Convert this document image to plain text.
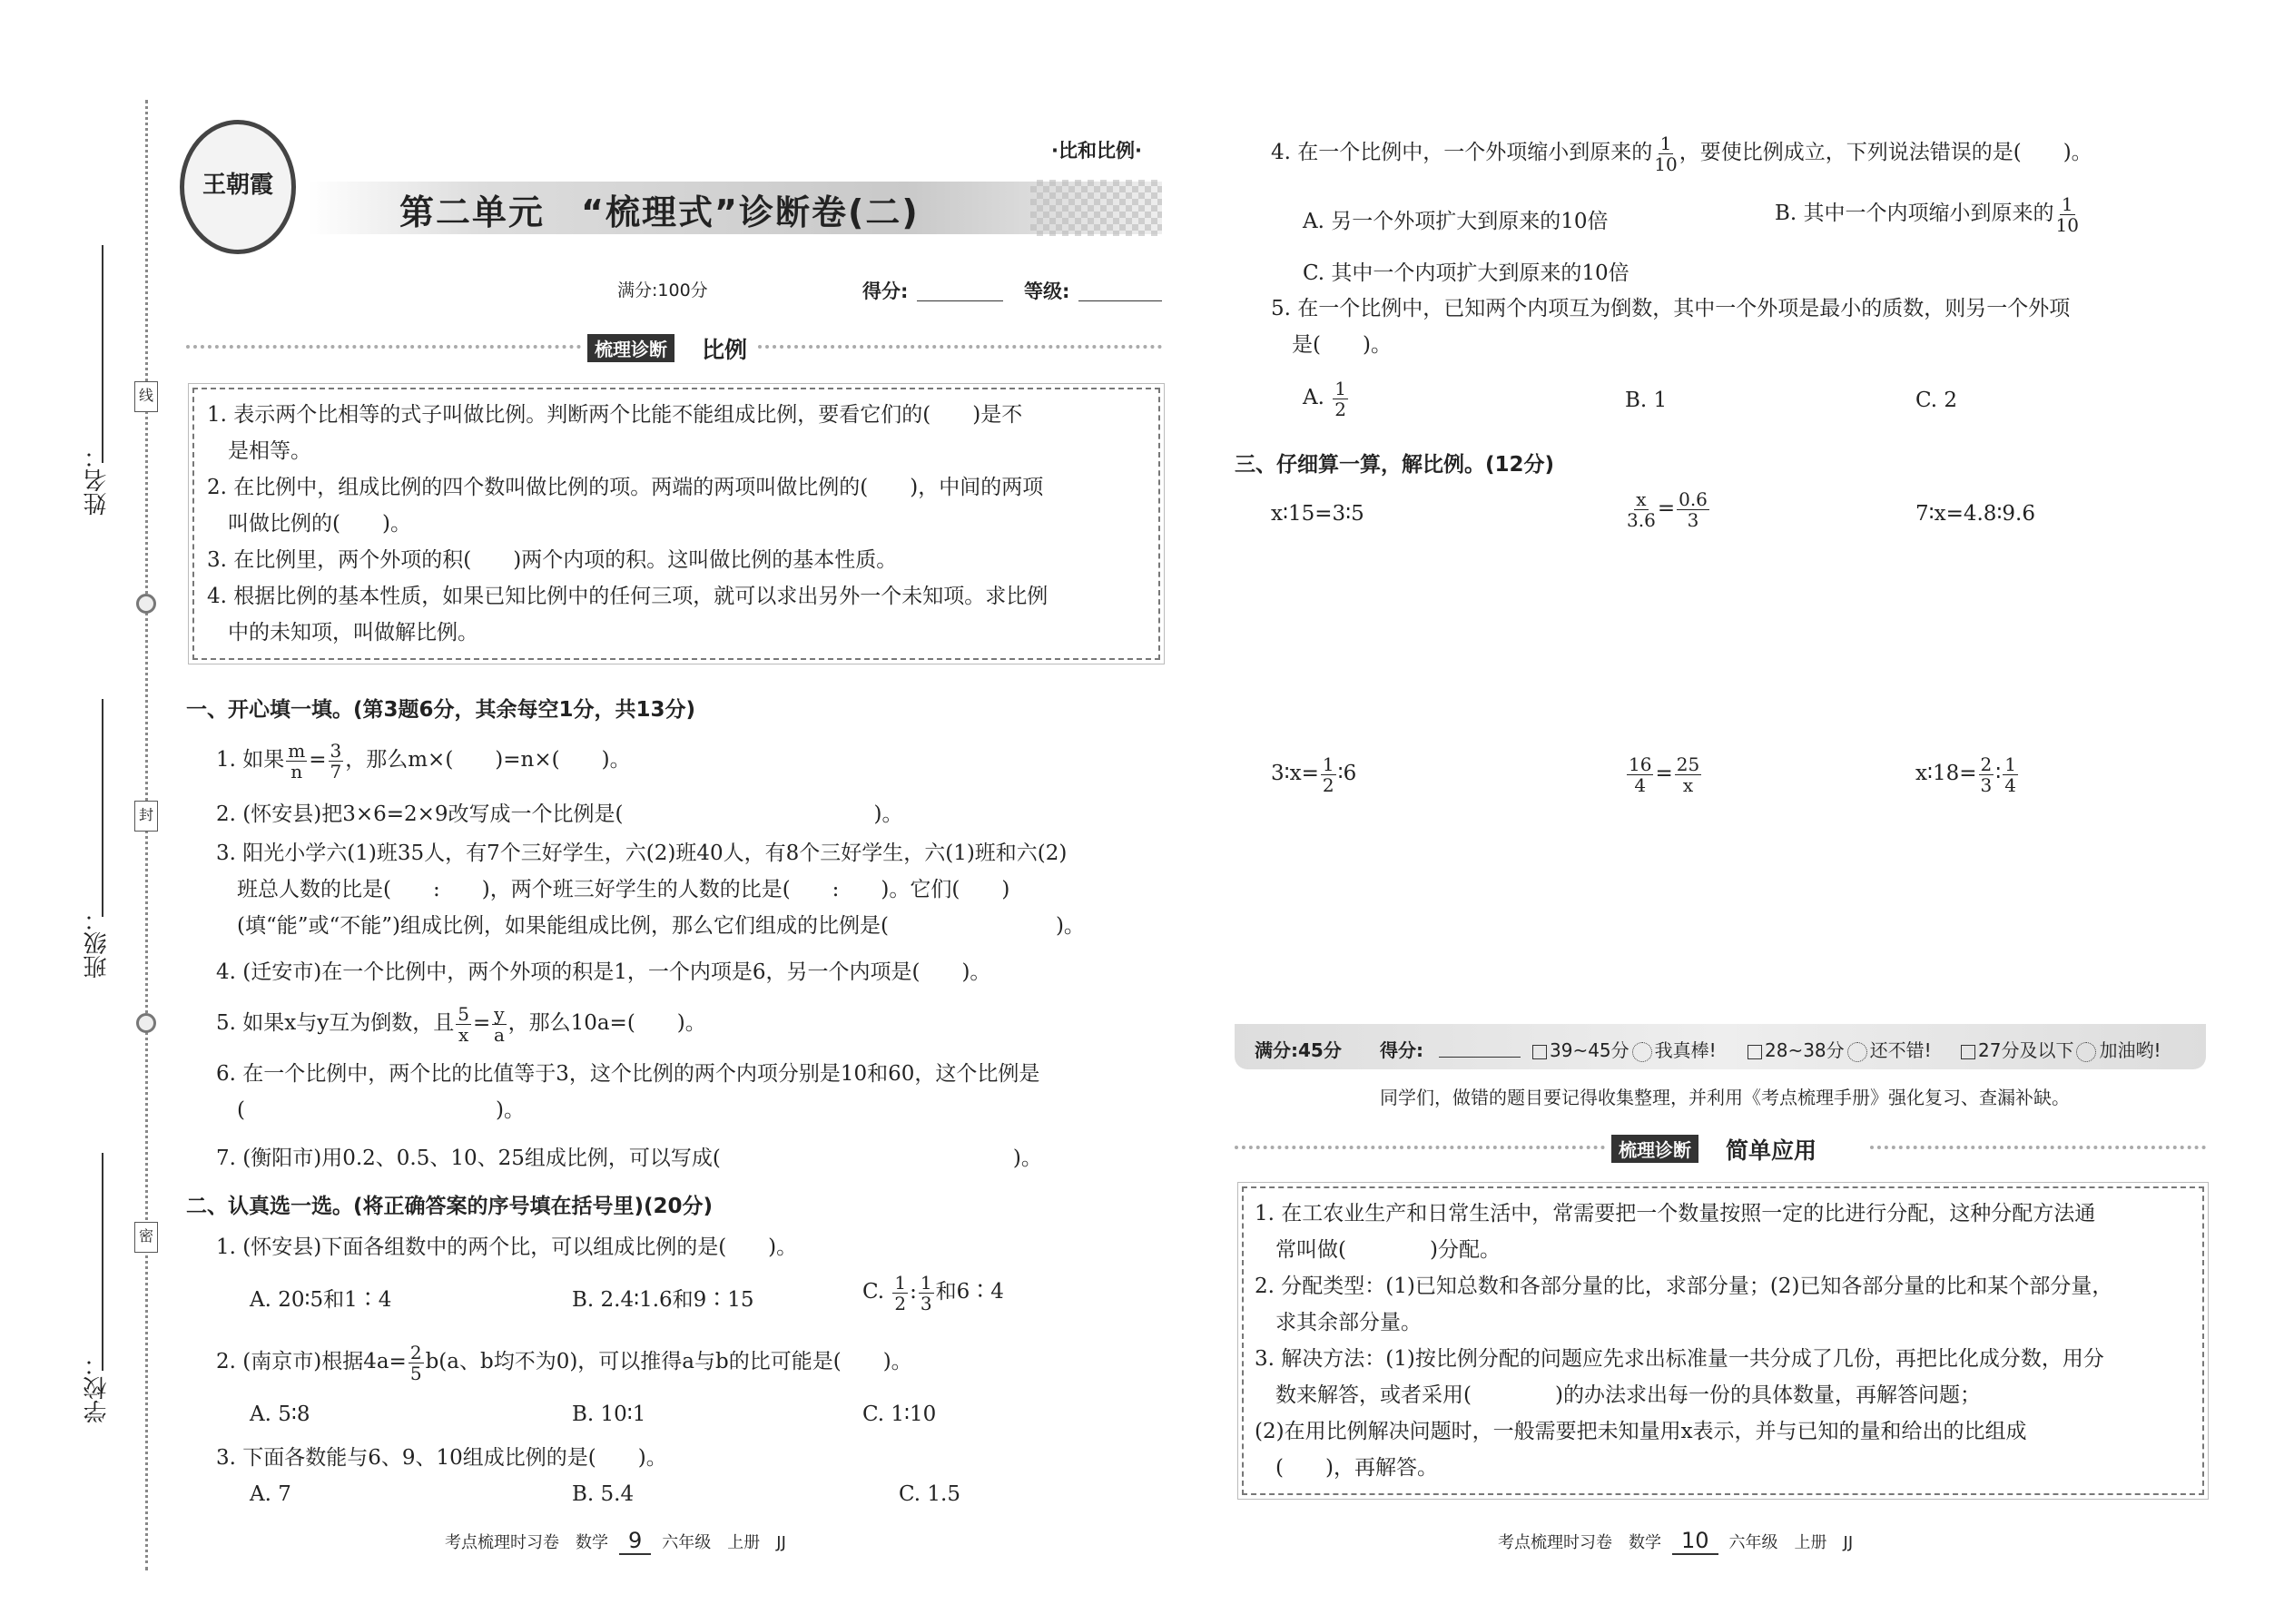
姓名：
班级：
学校：
线
封
密
王朝霞
·比和比例·
第二单元　“梳理式”诊断卷(二)
满分:100分	得分:	等级:
梳理诊断	比例
1. 表示两个比相等的式子叫做比例。判断两个比能不能组成比例，要看它们的(　　)是不
　是相等。
2. 在比例中，组成比例的四个数叫做比例的项。两端的两项叫做比例的(　　)，中间的两项
　叫做比例的(　　)。
3. 在比例里，两个外项的积(　　)两个内项的积。这叫做比例的基本性质。
4. 根据比例的基本性质，如果已知比例中的任何三项，就可以求出另外一个未知项。求比例
　中的未知项，叫做解比例。
一、开心填一填。(第3题6分，其余每空1分，共13分)
1. 如果 $\frac{m}{n} = \frac{3}{7}$ ，那么m×(　　)=n×(　　)。
2. (怀安县)把3×6=2×9改写成一个比例是(　　　　　　　　　　　　)。
3. 阳光小学六(1)班35人，有7个三好学生，六(2)班40人，有8个三好学生，六(1)班和六(2)
　班总人数的比是(　　:　　)，两个班三好学生的人数的比是(　　:　　)。它们(　　)
　(填“能”或“不能”)组成比例，如果能组成比例，那么它们组成的比例是(　　　　　　　　)。
4. (迁安市)在一个比例中，两个外项的积是1，一个内项是6，另一个内项是(　　)。
5. 如果x与y互为倒数，且 $\frac{5}{x} = \frac{y}{a}$ ，那么10a=(　　)。
6. 在一个比例中，两个比的比值等于3，这个比例的两个内项分别是10和60，这个比例是
　(　　　　　　　　　　　　)。
7. (衡阳市)用0.2、0.5、10、25组成比例，可以写成(　　　　　　　　　　　　　　)。
二、认真选一选。(将正确答案的序号填在括号里)(20分)
1. (怀安县)下面各组数中的两个比，可以组成比例的是(　　)。
A. 20∶5和1∶4	B. 2.4∶1.6和9∶15	C. $\frac{1}{2}$ : $\frac{1}{3}$ 和6∶4
2. (南京市)根据$4a= \frac{2}{5} b(a$、b均不为0)，可以推得a与b的比可能是(　　)。
A. 5∶8	B. 10∶1	C. 1∶10
3. 下面各数能与6、9、10组成比例的是(　　)。
A. 7	B. 5.4	C. 1.5
考点梳理时习卷　数学 9 六年级　上册　JJ
4. 在一个比例中，一个外项缩小到原来的 $\frac{1}{10}$ ，要使比例成立，下列说法错误的是(　　)。
A. 另一个外项扩大到原来的10倍	B. 其中一个内项缩小到原来的 $\frac{1}{10}$
C. 其中一个内项扩大到原来的10倍
5. 在一个比例中，已知两个内项互为倒数，其中一个外项是最小的质数，则另一个外项
　是(　　)。
A. $\frac{1}{2}$	B. 1	C. 2
三、仔细算一算，解比例。(12分)
x∶15=3∶5	$\frac{x}{3.6} = \frac{0.6}{3}$	7∶x=4.8∶9.6
3∶x= $\frac{1}{2}$ ∶6	$\frac{16}{4} = \frac{25}{x}$	x∶18= $\frac{2}{3}$ ∶ $\frac{1}{4}$
满分:45分 得分:	39~45分 我真棒!	28~38分 还不错!	27分及以下 加油哟!
同学们，做错的题目要记得收集整理，并利用《考点梳理手册》强化复习、查漏补缺。
梳理诊断	简单应用
1. 在工农业生产和日常生活中，常需要把一个数量按照一定的比进行分配，这种分配方法通
　常叫做(　　　　)分配。
2. 分配类型：(1)已知总数和各部分量的比，求部分量；(2)已知各部分量的比和某个部分量，
　求其余部分量。
3. 解决方法：(1)按比例分配的问题应先求出标准量一共分成了几份，再把比化成分数，用分
　数来解答，或者采用(　　　　)的办法求出每一份的具体数量，再解答问题；
(2)在用比例解决问题时，一般需要把未知量用x表示，并与已知的量和给出的比组成
　(　　)，再解答。
考点梳理时习卷　数学 10 六年级　上册　JJ
